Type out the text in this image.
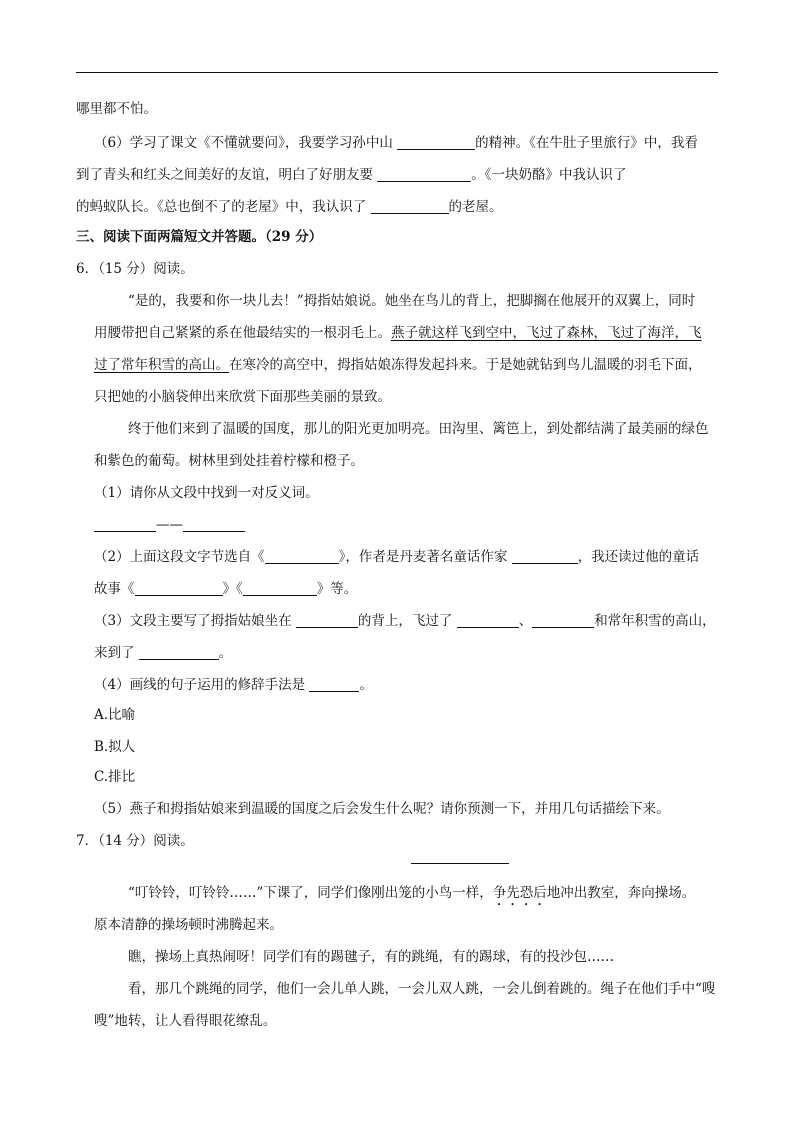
哪里都不怕。
（6）学习了课文《不懂就要问》，我要学习孙中山	的精神。《在牛肚子里旅行》中，我看
到了青头和红头之间美好的友谊，明白了好朋友要	。《一块奶酪》中我认识了
的蚂蚁队长。《总也倒不了的老屋》中，我认识了	的老屋。
三、阅读下面两篇短文并答题。（29 分）
6．（15 分）阅读。
“是的，我要和你一块儿去！”拇指姑娘说。她坐在鸟儿的背上，把脚搁在他展开的双翼上，同时
用腰带把自己紧紧的系在他最结实的一根羽毛上。燕子就这样飞到空中，飞过了森林，飞过了海洋，飞
过了常年积雪的高山。在寒冷的高空中，拇指姑娘冻得发起抖来。于是她就钻到鸟儿温暖的羽毛下面，
只把她的小脑袋伸出来欣赏下面那些美丽的景致。
终于他们来到了温暖的国度，那儿的阳光更加明亮。田沟里、篱笆上，到处都结满了最美丽的绿色
和紫色的葡萄。树林里到处挂着柠檬和橙子。
（1）请你从文段中找到一对反义词。
——
（2）上面这段文字节选自《	》，作者是丹麦著名童话作家	，我还读过他的童话
故事《	》《	》等。
（3）文段主要写了拇指姑娘坐在	的背上，飞过了	、	和常年积雪的高山，
来到了	。
（4）画线的句子运用的修辞手法是	。
A.比喻
B.拟人
C.排比
（5）燕子和拇指姑娘来到温暖的国度之后会发生什么呢？请你预测一下，并用几句话描绘下来。
7．（14 分）阅读。
“叮铃铃，叮铃铃……”下课了，同学们像刚出笼的小鸟一样，争先恐后地冲出教室，奔向操场。
原本清静的操场顿时沸腾起来。
瞧，操场上真热闹呀！同学们有的踢毽子，有的跳绳，有的踢球，有的投沙包……
看，那几个跳绳的同学，他们一会儿单人跳，一会儿双人跳，一会儿倒着跳的。绳子在他们手中“嗖
嗖”地转，让人看得眼花缭乱。
